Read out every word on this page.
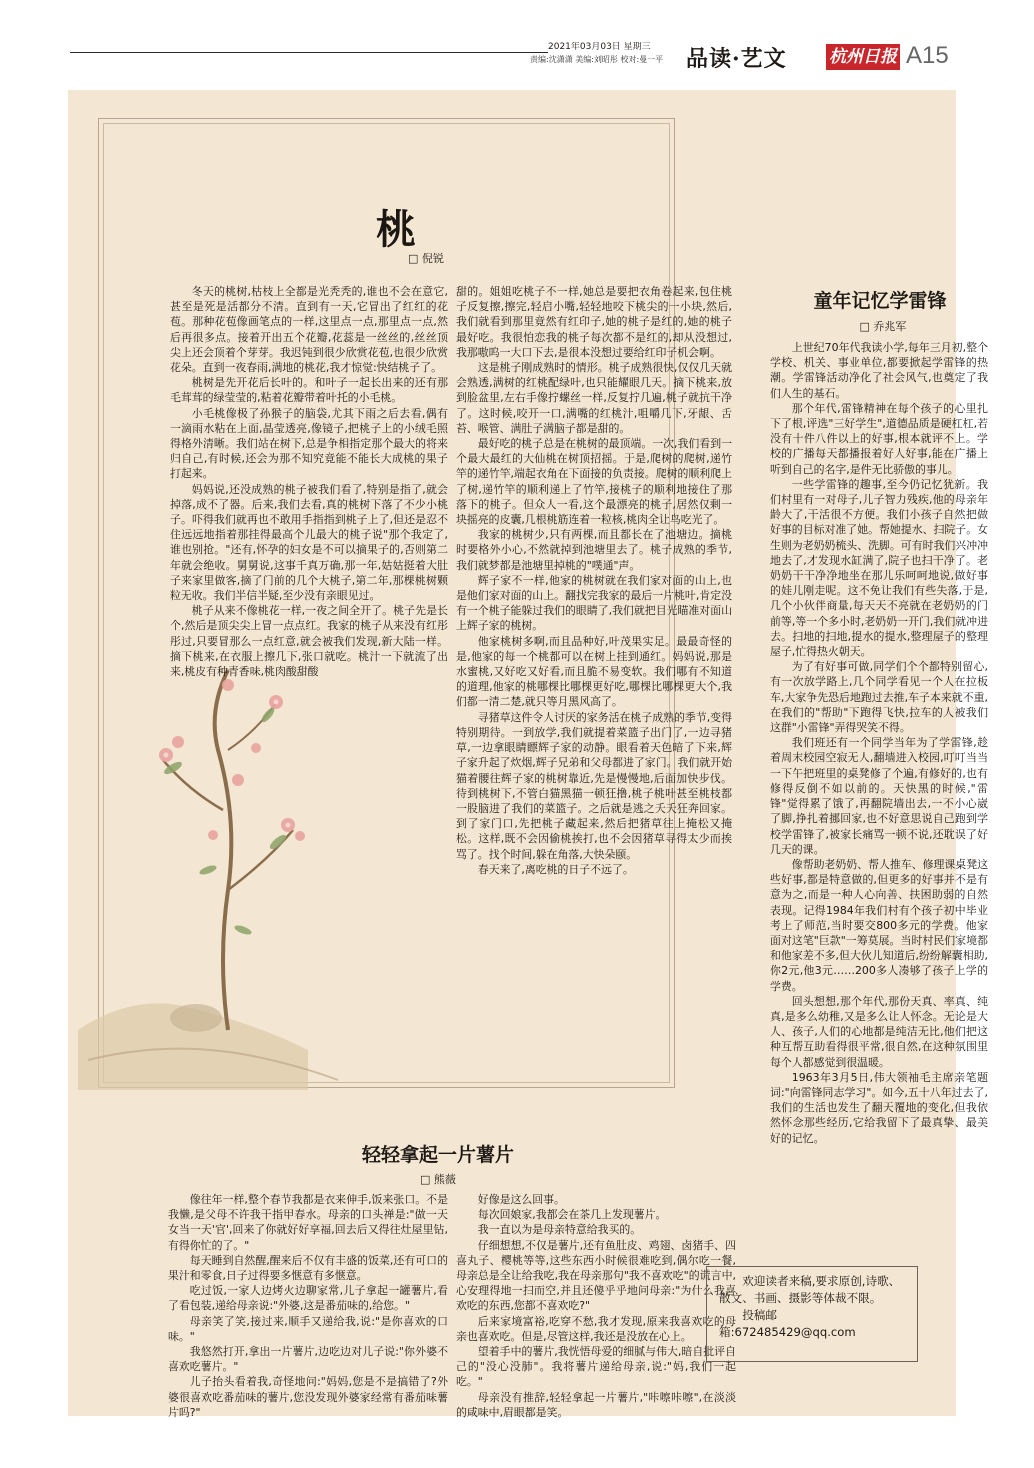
2021年03月03日 星期三
责编:沈潇潇 美编:刘昭彤 校对:曼一平	品读·艺文 杭州日报 A15
桃
□ 倪锐

冬天的桃树,枯枝上全都是光秃秃的,谁也不会在意它,甚至是死是活都分不清。直到有一天,它冒出了红红的花苞。那种花苞像画笔点的一样,这里点一点,那里点一点,然后再很多点。接着开出五个花瓣,花蕊是一丝丝的,丝丝顶尖上还会顶着个芽芽。我迟钝到很少欣赏花苞,也很少欣赏花朵。直到一夜春雨,满地的桃花,我才惊觉:快结桃子了。

桃树是先开花后长叶的。和叶子一起长出来的还有那毛茸茸的绿莹莹的,粘着花瓣带着叶托的小毛桃。

小毛桃像极了孙猴子的脑袋,尤其下雨之后去看,偶有一滴雨水粘在上面,晶莹透亮,像镜子,把桃子上的小绒毛照得格外清晰。我们站在树下,总是争相指定那个最大的将来归自己,有时候,还会为那不知究竟能不能长大成桃的果子打起来。

妈妈说,还没成熟的桃子被我们看了,特别是指了,就会掉落,成不了器。后来,我们去看,真的桃树下落了不少小桃子。吓得我们就再也不敢用手指指到桃子上了,但还是忍不住远远地指着那挂得最高个儿最大的桃子说"那个我定了,谁也别抢。"还有,怀孕的妇女是不可以摘果子的,否则第二年就会绝收。舅舅说,这事千真万确,那一年,姑姑挺着大肚子来家里做客,摘了门前的几个大桃子,第二年,那棵桃树颗粒无收。我们半信半疑,至少没有亲眼见过。

桃子从来不像桃花一样,一夜之间全开了。桃子先是长个,然后是顶尖尖上冒一点点红。我家的桃子从来没有红彤彤过,只要冒那么一点红意,就会被我们发现,新大陆一样。摘下桃来,在衣服上擦几下,张口就吃。桃汁一下就流了出来,桃皮有种青香味,桃肉酸甜酸

甜的。姐姐吃桃子不一样,她总是要把衣角卷起来,包住桃子反复擦,擦完,轻启小嘴,轻轻地咬下桃尖的一小块,然后,我们就看到那里竟然有红印子,她的桃子是红的,她的桃子最好吃。我很怕恋我的桃子每次都不是红的,却从没想过,我那嗷呜一大口下去,是很本没想过要给红印子机会啊。

这是桃子刚成熟时的情形。桃子成熟很快,仅仅几天就会熟透,满树的红桃配绿叶,也只能耀眼几天。摘下桃来,放到脸盆里,左右手像拧螺丝一样,反复拧几遍,桃子就抗干净了。这时候,咬开一口,满嘴的红桃汁,咀嚼几下,牙龈、舌苔、喉管、满肚子满脑子都是甜的。

最好吃的桃子总是在桃树的最顶端。一次,我们看到一个最大最红的大仙桃在树顶招摇。于是,爬树的爬树,递竹竿的递竹竿,端起衣角在下面接的负责接。爬树的顺利爬上了树,递竹竿的顺利递上了竹竿,接桃子的顺利地接住了那落下的桃子。但众人一看,这个最漂亮的桃子,居然仅剩一块摇亮的皮囊,几根桃筋连着一粒核,桃肉全让鸟吃光了。

我家的桃树少,只有两棵,而且都长在了池塘边。摘桃时要格外小心,不然就掉到池塘里去了。桃子成熟的季节,我们就梦都是池塘里掉桃的"噗通"声。

辉子家不一样,他家的桃树就在我们家对面的山上,也是他们家对面的山上。翻找完我家的最后一片桃叶,肯定没有一个桃子能躲过我们的眼睛了,我们就把目光瞄准对面山上辉子家的桃树。

他家桃树多啊,而且品种好,叶茂果实足。最最奇怪的是,他家的每一个桃都可以在树上挂到通红。妈妈说,那是水蜜桃,又好吃又好看,而且脆不易变软。我们哪有不知道的道理,他家的桃哪棵比哪棵更好吃,哪棵比哪棵更大个,我们都一清二楚,就只等月黑风高了。

寻猪草这件令人讨厌的家务活在桃子成熟的季节,变得特别期待。一到放学,我们就提着菜篮子出门了,一边寻猪草,一边拿眼睛瞟辉子家的动静。眼看着天色暗了下来,辉子家升起了炊烟,辉子兄弟和父母都进了家门。我们就开始猫着腰往辉子家的桃树靠近,先是慢慢地,后面加快步伐。待到桃树下,不管白猫黑猫一顿狂撸,桃子桃叶甚至桃枝都一股脑进了我们的菜篮子。之后就是逃之夭夭狂奔回家。到了家门口,先把桃子藏起来,然后把猪草往上掩松又掩松。这样,既不会因偷桃挨打,也不会因猪草寻得太少而挨骂了。找个时间,躲在角落,大快朵颐。

春天来了,离吃桃的日子不远了。

轻轻拿起一片薯片
□ 熊薇

像往年一样,整个春节我都是衣来伸手,饭来张口。不是我懒,是父母不许我干指甲春水。母亲的口头禅是:"做一天女当一天'官',回来了你就好好享福,回去后又得往灶屋里钻,有得你忙的了。"

每天睡到自然醒,醒来后不仅有丰盛的饭菜,还有可口的果汁和零食,日子过得要多惬意有多惬意。

吃过饭,一家人边烤火边聊家常,儿子拿起一罐薯片,看了看包装,递给母亲说:"外婆,这是番茄味的,给您。"

母亲笑了笑,接过来,顺手又递给我,说:"是你喜欢的口味。"

我悠然打开,拿出一片薯片,边吃边对儿子说:"你外婆不喜欢吃薯片。"

儿子抬头看着我,奇怪地问:"妈妈,您是不是搞错了?外婆很喜欢吃番茄味的薯片,您没发现外婆家经常有番茄味薯片吗?"

好像是这么回事。

每次回娘家,我都会在茶几上发现薯片。

我一直以为是母亲特意给我买的。

仔细想想,不仅是薯片,还有鱼肚皮、鸡翅、卤猪手、四喜丸子、樱桃等等,这些东西小时候很难吃到,偶尔吃一餐,母亲总是全让给我吃,我在母亲那句"我不喜欢吃"的谎言中,心安理得地一扫而空,并且还傻乎乎地问母亲:"为什么我喜欢吃的东西,您都不喜欢吃?"

后来家境富裕,吃穿不愁,我才发现,原来我喜欢吃的母亲也喜欢吃。但是,尽管这样,我还是没放在心上。

望着手中的薯片,我恍悟母爱的细腻与伟大,暗自批评自己的"没心没肺"。我将薯片递给母亲,说:"妈,我们一起吃。"

母亲没有推辞,轻轻拿起一片薯片,"咔嚓咔嚓",在淡淡的咸味中,眉眼都是笑。

童年记忆学雷锋
□ 乔兆军

上世纪70年代我读小学,每年三月初,整个学校、机关、事业单位,都要掀起学雷锋的热潮。学雷锋活动净化了社会风气,也奠定了我们人生的基石。

那个年代,雷锋精神在每个孩子的心里扎下了根,评选"三好学生",道德品质是硬杠杠,若没有十件八件以上的好事,根本就评不上。学校的广播每天都播报着好人好事,能在广播上听到自己的名字,是件无比骄傲的事儿。

一些学雷锋的趣事,至今仍记忆犹新。我们村里有一对母子,儿子智力残疾,他的母亲年龄大了,干活很不方便。我们小孩子自然把做好事的目标对准了她。帮她提水、扫院子。女生则为老奶奶梳头、洗脚。可有时我们兴冲冲地去了,才发现水缸满了,院子也扫干净了。老奶奶干干净净地坐在那儿乐呵呵地说,做好事的娃儿刚走呢。这不免让我们有些失落,于是,几个小伙伴商量,每天天不亮就在老奶奶的门前等,等一个多小时,老奶奶一开门,我们就冲进去。扫地的扫地,提水的提水,整理屋子的整理屋子,忙得热火朝天。

为了有好事可做,同学们个个都特别留心,有一次放学路上,几个同学看见一个人在拉板车,大家争先恐后地跑过去推,车子本来就不重,在我们的"帮助"下跑得飞快,拉车的人被我们这群"小雷锋"弄得哭笑不得。

我们班还有一个同学当年为了学雷锋,趁着周末校园空寂无人,翻墙进入校园,叮叮当当一下午把班里的桌凳修了个遍,有修好的,也有修得反倒不如以前的。天快黑的时候,"雷锋"觉得累了饿了,再翻院墙出去,一不小心崴了脚,挣扎着挪回家,也不好意思说自己跑到学校学雷锋了,被家长痛骂一顿不说,还耽误了好几天的课。

像帮助老奶奶、帮人推车、修理课桌凳这些好事,都是特意做的,但更多的好事并不是有意为之,而是一种人心向善、扶困助弱的自然表现。记得1984年我们村有个孩子初中毕业考上了师范,当时要交800多元的学费。他家面对这笔"巨款"一筹莫展。当时村民们家境都和他家差不多,但大伙儿知道后,纷纷解囊相助,你2元,他3元……200多人凑够了孩子上学的学费。

回头想想,那个年代,那份天真、率真、纯真,是多么幼稚,又是多么让人怀念。无论是大人、孩子,人们的心地都是纯洁无比,他们把这种互帮互助看得很平常,很自然,在这种氛围里每个人都感觉到很温暖。

1963年3月5日,伟大领袖毛主席亲笔题词:"向雷锋同志学习"。如今,五十八年过去了,我们的生活也发生了翻天覆地的变化,但我依然怀念那些经历,它给我留下了最真挚、最美好的记忆。

欢迎读者来稿,要求原创,诗歌、散文、书画、摄影等体裁不限。

投稿邮箱:672485429@qq.com
